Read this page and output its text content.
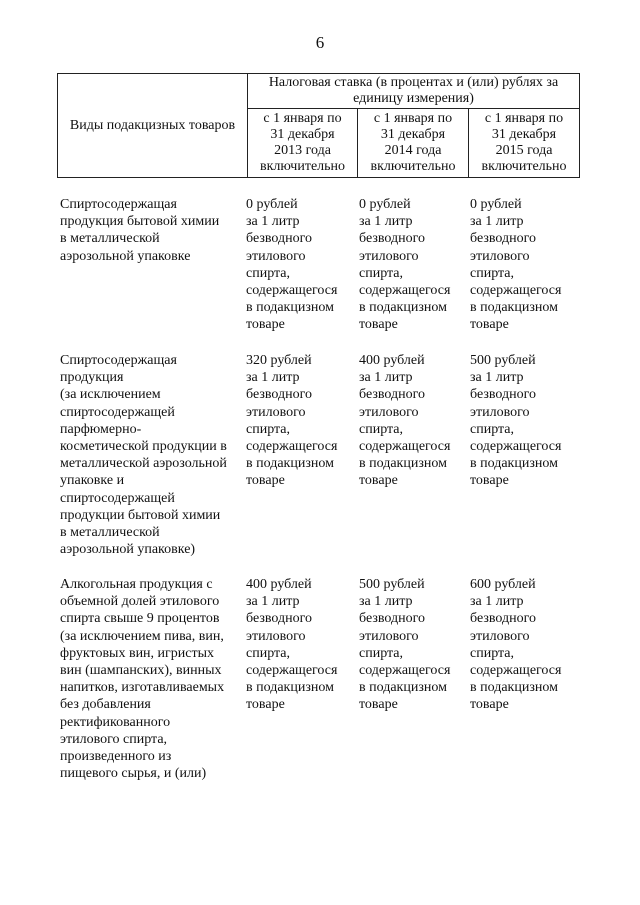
6
Виды подакцизных товаров
Налоговая ставка (в процентах и (или) рублях за единицу измерения)
с 1 января по
31 декабря
2013 года
включительно
с 1 января по
31 декабря
2014 года
включительно
с 1 января по
31 декабря
2015 года
включительно
Спиртосодержащая
продукция бытовой химии
в металлической
аэрозольной упаковке
0 рублей
за 1 литр
безводного
этилового
спирта,
содержащегося
в подакцизном
товаре
0 рублей
за 1 литр
безводного
этилового
спирта,
содержащегося
в подакцизном
товаре
0 рублей
за 1 литр
безводного
этилового
спирта,
содержащегося
в подакцизном
товаре
Спиртосодержащая
продукция
(за исключением
спиртосодержащей
парфюмерно-
косметической продукции в
металлической аэрозольной
упаковке и
спиртосодержащей
продукции бытовой химии
в металлической
аэрозольной упаковке)
320 рублей
за 1 литр
безводного
этилового
спирта,
содержащегося
в подакцизном
товаре
400 рублей
за 1 литр
безводного
этилового
спирта,
содержащегося
в подакцизном
товаре
500 рублей
за 1 литр
безводного
этилового
спирта,
содержащегося
в подакцизном
товаре
Алкогольная продукция с
объемной долей этилового
спирта свыше 9 процентов
(за исключением пива, вин,
фруктовых вин, игристых
вин (шампанских), винных
напитков, изготавливаемых
без добавления
ректификованного
этилового спирта,
произведенного из
пищевого сырья, и (или)
400 рублей
за 1 литр
безводного
этилового
спирта,
содержащегося
в подакцизном
товаре
500 рублей
за 1 литр
безводного
этилового
спирта,
содержащегося
в подакцизном
товаре
600 рублей
за 1 литр
безводного
этилового
спирта,
содержащегося
в подакцизном
товаре
